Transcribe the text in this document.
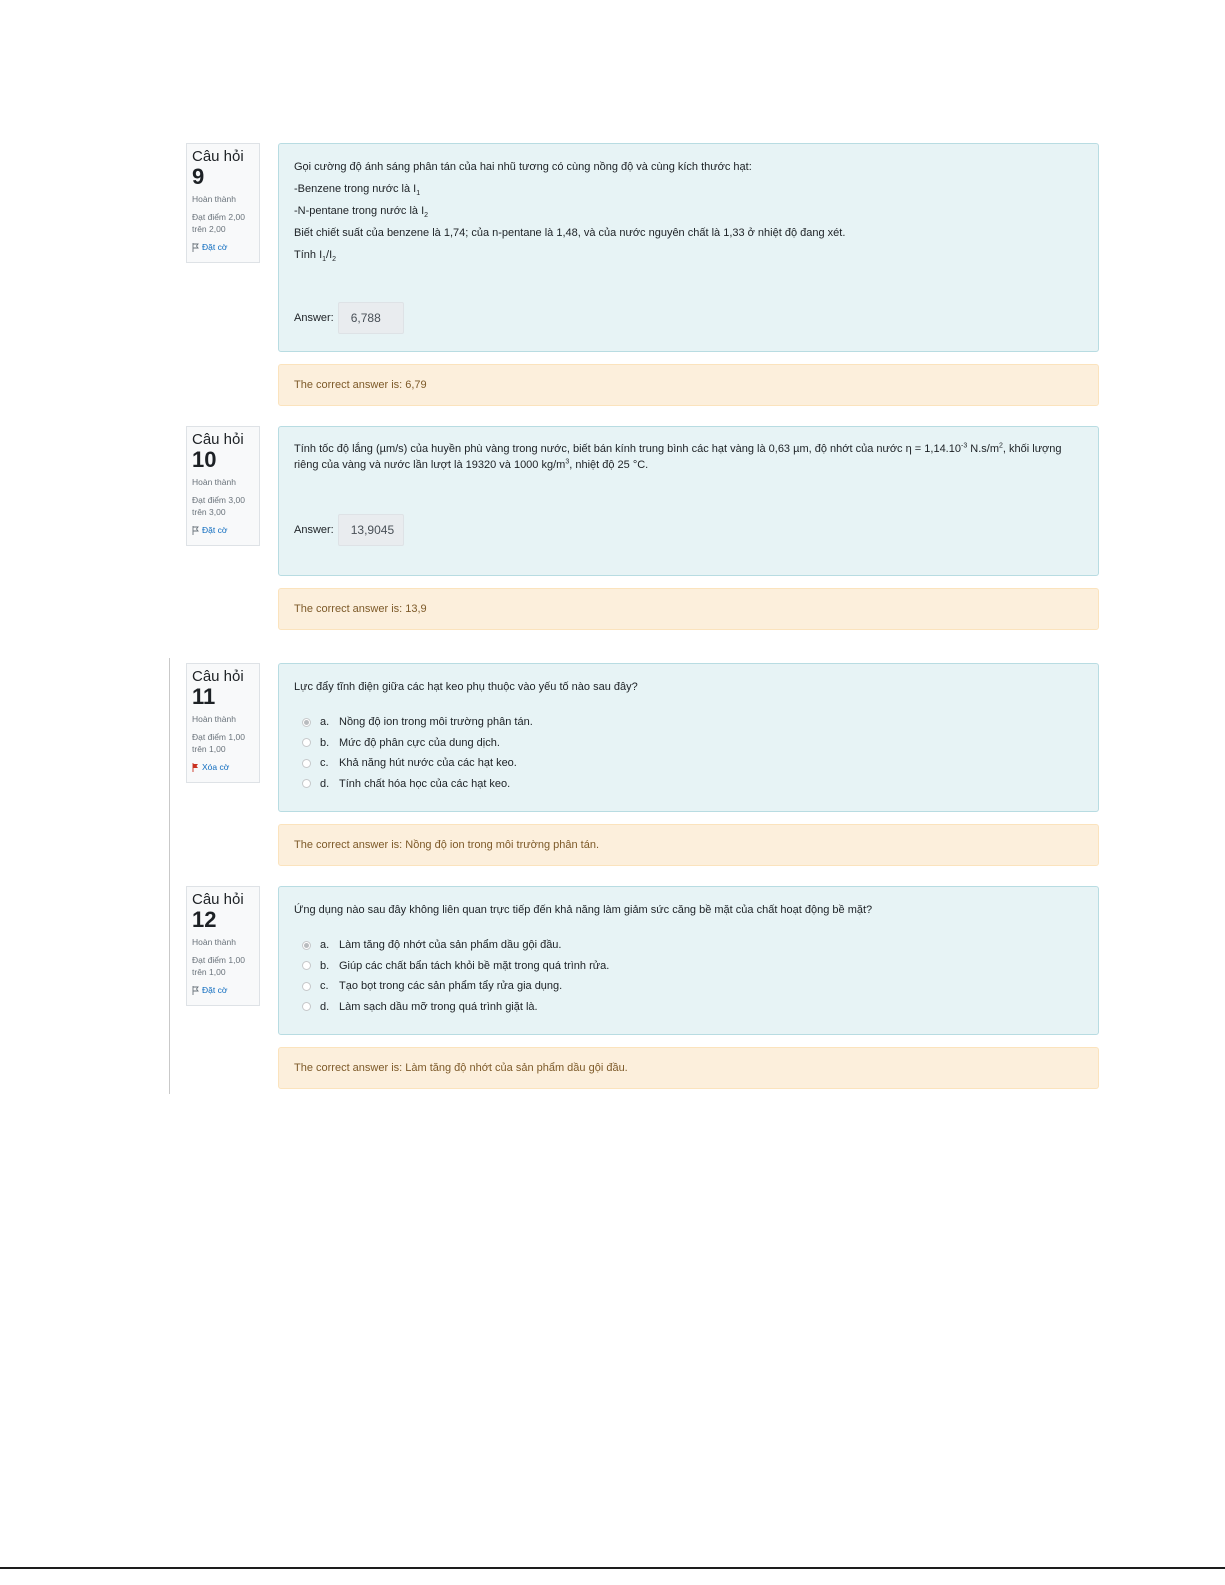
Câu hỏi
9
Hoàn thành
Đạt điểm 2,00
trên 2,00
Đặt cờ

Gọi cường độ ánh sáng phân tán của hai nhũ tương có cùng nồng độ và cùng kích thước hạt:

-Benzene trong nước là $I_1$

-N-pentane trong nước là $I_2$

Biết chiết suất của benzene là 1,74; của n-pentane là 1,48, và của nước nguyên chất là 1,33 ở nhiệt độ đang xét.

Tính $I_1/I_2$

Answer:	6,788
The correct answer is: 6,79
Câu hỏi
10
Hoàn thành
Đạt điểm 3,00
trên 3,00
Đặt cờ

Tính tốc độ lắng (µm/s) của huyền phù vàng trong nước, biết bán kính trung bình các hạt vàng là 0,63 µm, độ nhớt của nước $\eta = 1,14.10^{-3}$ $N.s/m^2$, khối lượng riêng của vàng và nước lần lượt là 19320 và 1000 $kg/m^3$, nhiệt độ 25 °C.

Answer:	13,9045
The correct answer is: 13,9
Câu hỏi
11
Hoàn thành
Đạt điểm 1,00
trên 1,00
Xóa cờ

Lực đẩy tĩnh điện giữa các hạt keo phụ thuộc vào yếu tố nào sau đây?

a. Nồng độ ion trong môi trường phân tán.
b. Mức độ phân cực của dung dịch.
c. Khả năng hút nước của các hạt keo.
d. Tính chất hóa học của các hạt keo.
The correct answer is: Nồng độ ion trong môi trường phân tán.
Câu hỏi
12
Hoàn thành
Đạt điểm 1,00
trên 1,00
Đặt cờ

Ứng dụng nào sau đây không liên quan trực tiếp đến khả năng làm giảm sức căng bề mặt của chất hoạt động bề mặt?

a. Làm tăng độ nhớt của sản phẩm dầu gội đầu.
b. Giúp các chất bẩn tách khỏi bề mặt trong quá trình rửa.
c. Tạo bọt trong các sản phẩm tẩy rửa gia dụng.
d. Làm sạch dầu mỡ trong quá trình giặt là.
The correct answer is: Làm tăng độ nhớt của sản phẩm dầu gội đầu.
